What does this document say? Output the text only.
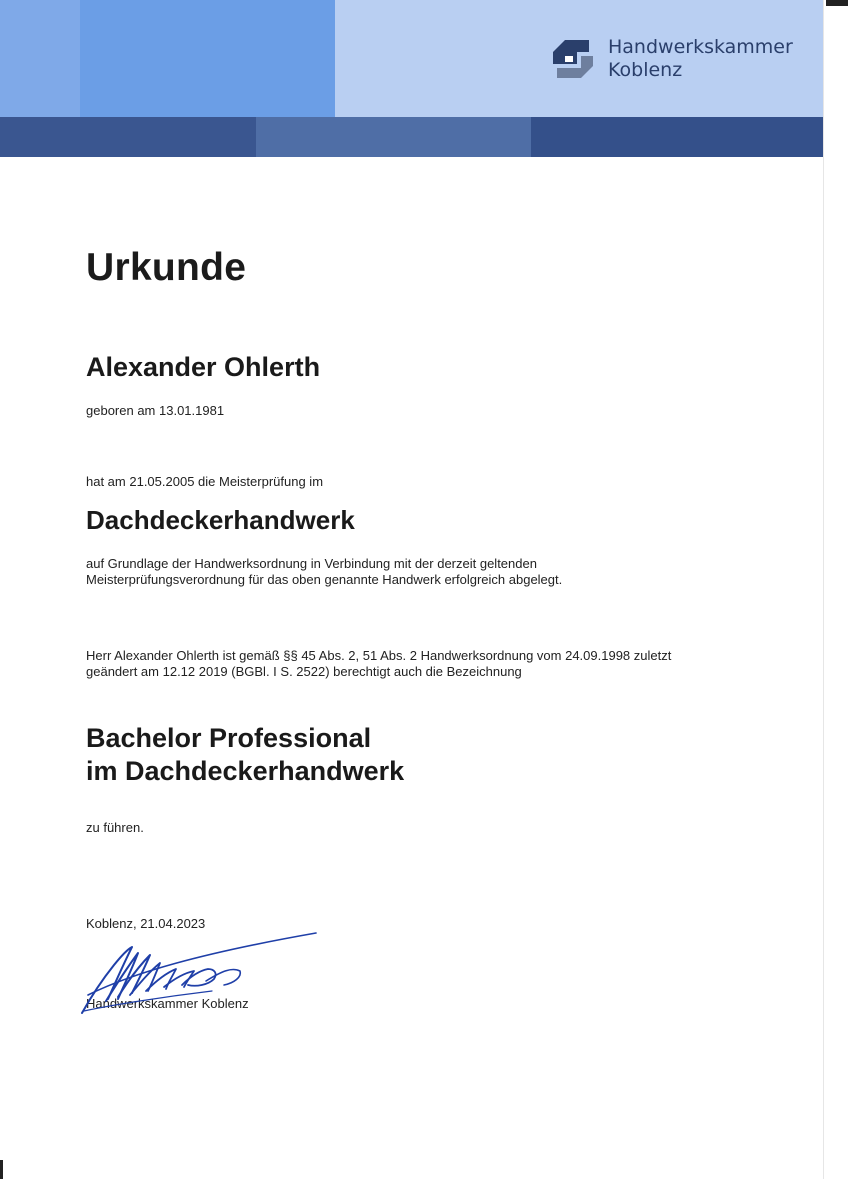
Handwerkskammer
Koblenz
Urkunde
Alexander Ohlerth
geboren am 13.01.1981
hat am 21.05.2005 die Meisterprüfung im
Dachdeckerhandwerk
auf Grundlage der Handwerksordnung in Verbindung mit der derzeit geltenden
Meisterprüfungsverordnung für das oben genannte Handwerk erfolgreich abgelegt.
Herr Alexander Ohlerth ist gemäß §§ 45 Abs. 2, 51 Abs. 2 Handwerksordnung vom 24.09.1998 zuletzt
geändert am 12.12 2019 (BGBl. I S. 2522) berechtigt auch die Bezeichnung
Bachelor Professional
im Dachdeckerhandwerk
zu führen.
Koblenz, 21.04.2023
Handwerkskammer Koblenz
